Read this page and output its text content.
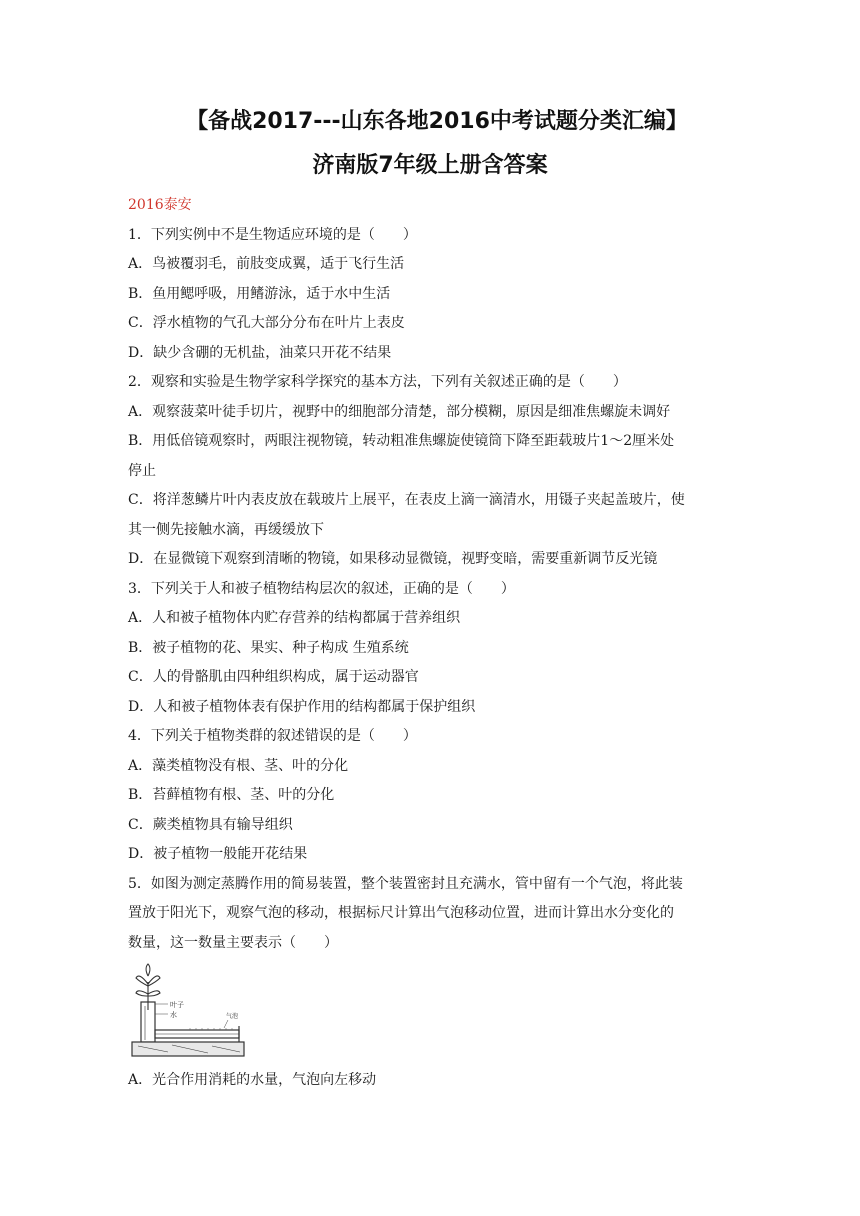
【备战2017---山东各地2016中考试题分类汇编】
济南版7年级上册含答案
2016泰安
1．下列实例中不是生物适应环境的是（　　）
A．鸟被覆羽毛，前肢变成翼，适于飞行生活
B．鱼用鳃呼吸，用鳍游泳，适于水中生活
C．浮水植物的气孔大部分分布在叶片上表皮
D．缺少含硼的无机盐，油菜只开花不结果
2．观察和实验是生物学家科学探究的基本方法，下列有关叙述正确的是（　　）
A．观察菠菜叶徒手切片，视野中的细胞部分清楚，部分模糊，原因是细准焦螺旋未调好
B．用低倍镜观察时，两眼注视物镜，转动粗准焦螺旋使镜筒下降至距载玻片1～2厘米处
停止
C．将洋葱鳞片叶内表皮放在载玻片上展平，在表皮上滴一滴清水，用镊子夹起盖玻片，使
其一侧先接触水滴，再缓缓放下
D．在显微镜下观察到清晰的物镜，如果移动显微镜，视野变暗，需要重新调节反光镜
3．下列关于人和被子植物结构层次的叙述，正确的是（　　）
A．人和被子植物体内贮存营养的结构都属于营养组织
B．被子植物的花、果实、种子构成 生殖系统
C．人的骨骼肌由四种组织构成，属于运动器官
D．人和被子植物体表有保护作用的结构都属于保护组织
4．下列关于植物类群的叙述错误的是（　　）
A．藻类植物没有根、茎、叶的分化
B．苔藓植物有根、茎、叶的分化
C．蕨类植物具有输导组织
D．被子植物一般能开花结果
5．如图为测定蒸腾作用的简易装置，整个装置密封且充满水，管中留有一个气泡，将此装
置放于阳光下，观察气泡的移动，根据标尺计算出气泡移动位置，进而计算出水分变化的
数量，这一数量主要表示（　　）
叶子
水	气泡
A．光合作用消耗的水量，气泡向左移动
